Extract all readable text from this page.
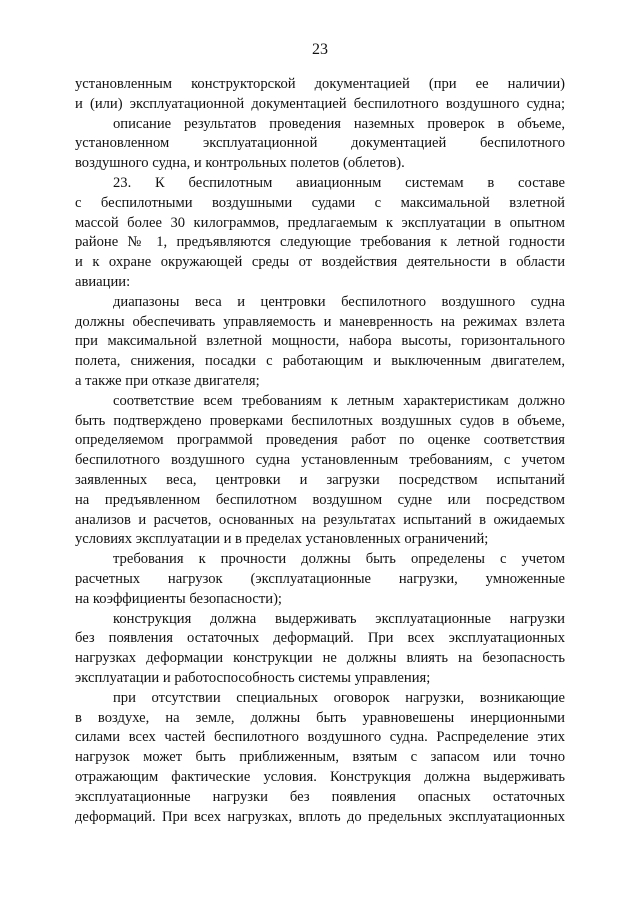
23
установленным конструкторской документацией (при ее наличии)
и (или) эксплуатационной документацией беспилотного воздушного судна;
описание результатов проведения наземных проверок в объеме,
установленном эксплуатационной документацией беспилотного
воздушного судна, и контрольных полетов (облетов).
23. К беспилотным авиационным системам в составе
с беспилотными воздушными судами с максимальной взлетной
массой более 30 килограммов, предлагаемым к эксплуатации в опытном
районе № 1, предъявляются следующие требования к летной годности
и к охране окружающей среды от воздействия деятельности в области
авиации:
диапазоны веса и центровки беспилотного воздушного судна
должны обеспечивать управляемость и маневренность на режимах взлета
при максимальной взлетной мощности, набора высоты, горизонтального
полета, снижения, посадки с работающим и выключенным двигателем,
а также при отказе двигателя;
соответствие всем требованиям к летным характеристикам должно
быть подтверждено проверками беспилотных воздушных судов в объеме,
определяемом программой проведения работ по оценке соответствия
беспилотного воздушного судна установленным требованиям, с учетом
заявленных веса, центровки и загрузки посредством испытаний
на предъявленном беспилотном воздушном судне или посредством
анализов и расчетов, основанных на результатах испытаний в ожидаемых
условиях эксплуатации и в пределах установленных ограничений;
требования к прочности должны быть определены с учетом
расчетных нагрузок (эксплуатационные нагрузки, умноженные
на коэффициенты безопасности);
конструкция должна выдерживать эксплуатационные нагрузки
без появления остаточных деформаций. При всех эксплуатационных
нагрузках деформации конструкции не должны влиять на безопасность
эксплуатации и работоспособность системы управления;
при отсутствии специальных оговорок нагрузки, возникающие
в воздухе, на земле, должны быть уравновешены инерционными
силами всех частей беспилотного воздушного судна. Распределение этих
нагрузок может быть приближенным, взятым с запасом или точно
отражающим фактические условия. Конструкция должна выдерживать
эксплуатационные нагрузки без появления опасных остаточных
деформаций. При всех нагрузках, вплоть до предельных эксплуатационных
